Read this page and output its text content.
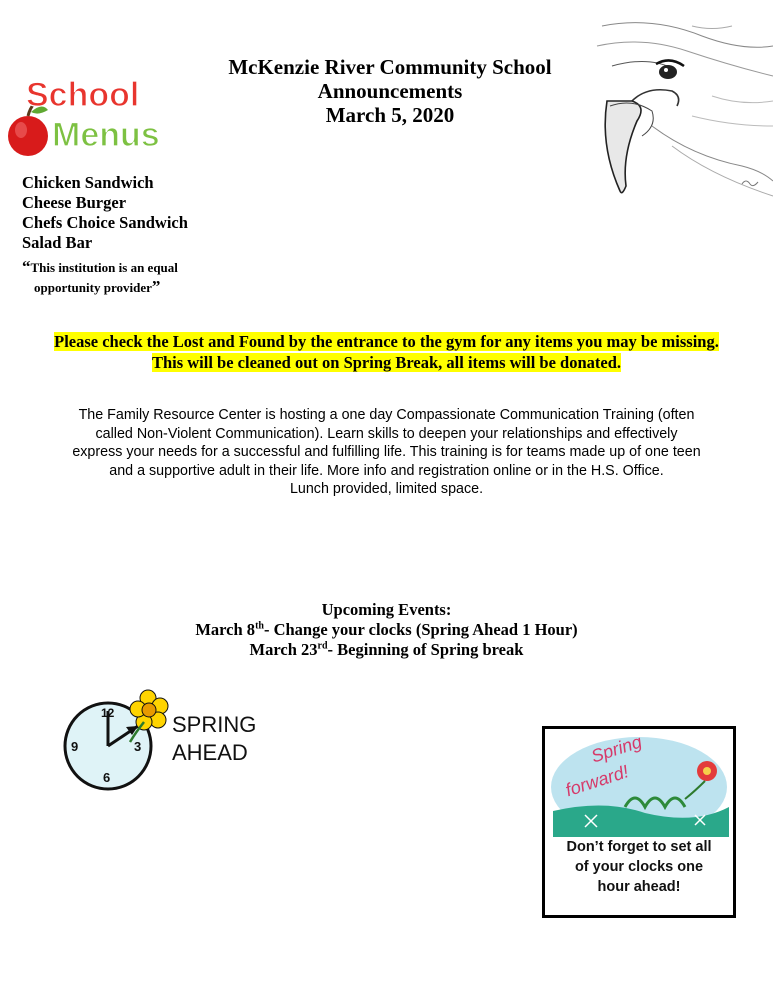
McKenzie River Community School
Announcements
March 5, 2020
School
Menus
Chicken Sandwich
Cheese Burger
Chefs Choice Sandwich
Salad Bar
“This institution is an equal
opportunity provider”
Please check the Lost and Found by the entrance to the gym for any items you may be missing.
This will be cleaned out on Spring Break, all items will be donated.
The Family Resource Center is hosting a one day Compassionate Communication Training (often
called Non-Violent Communication). Learn skills to deepen your relationships and effectively
express your needs for a successful and fulfilling life. This training is for teams made up of one teen
and a supportive adult in their life. More info and registration online or in the H.S. Office.
Lunch provided, limited space.
Upcoming Events:
March 8th- Change your clocks (Spring Ahead 1 Hour)
March 23rd- Beginning of Spring break
12
3
6
9
SPRING
AHEAD	Spring
forward!
Don’t forget to set all
of your clocks one
hour ahead!
